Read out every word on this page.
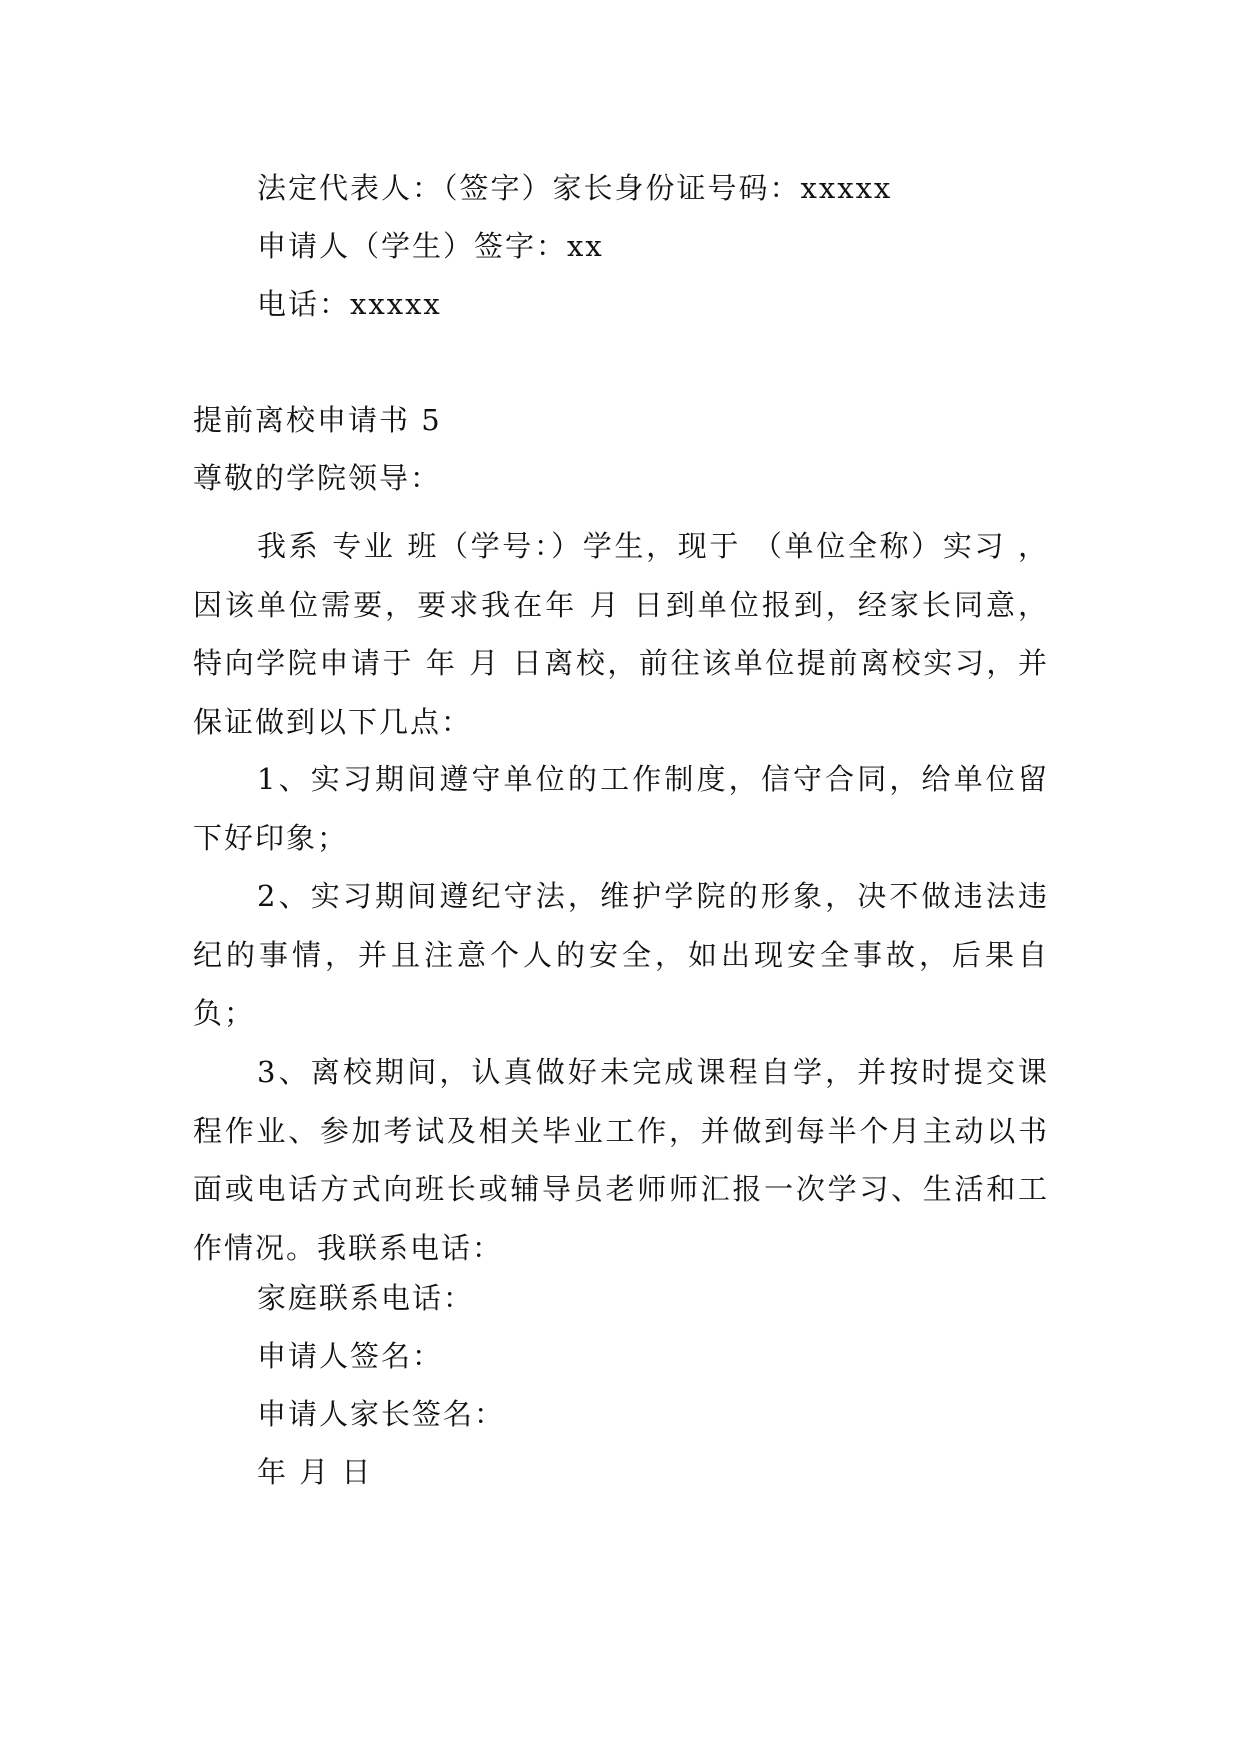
法定代表人：（签字）家长身份证号码：xxxxx
申请人（学生）签字：xx
电话：xxxxx
提前离校申请书 5
尊敬的学院领导：
我系 专业 班（学号：）学生，现于 （单位全称）实习 ，因该单位需要，要求我在年 月 日到单位报到，经家长同意，特向学院申请于 年 月 日离校，前往该单位提前离校实习，并保证做到以下几点：
1、实习期间遵守单位的工作制度，信守合同，给单位留下好印象；
2、实习期间遵纪守法，维护学院的形象，决不做违法违纪的事情，并且注意个人的安全，如出现安全事故，后果自负；
3、离校期间，认真做好未完成课程自学，并按时提交课程作业、参加考试及相关毕业工作，并做到每半个月主动以书面或电话方式向班长或辅导员老师师汇报一次学习、生活和工作情况。我联系电话：
家庭联系电话：
申请人签名：
申请人家长签名：
年 月 日
